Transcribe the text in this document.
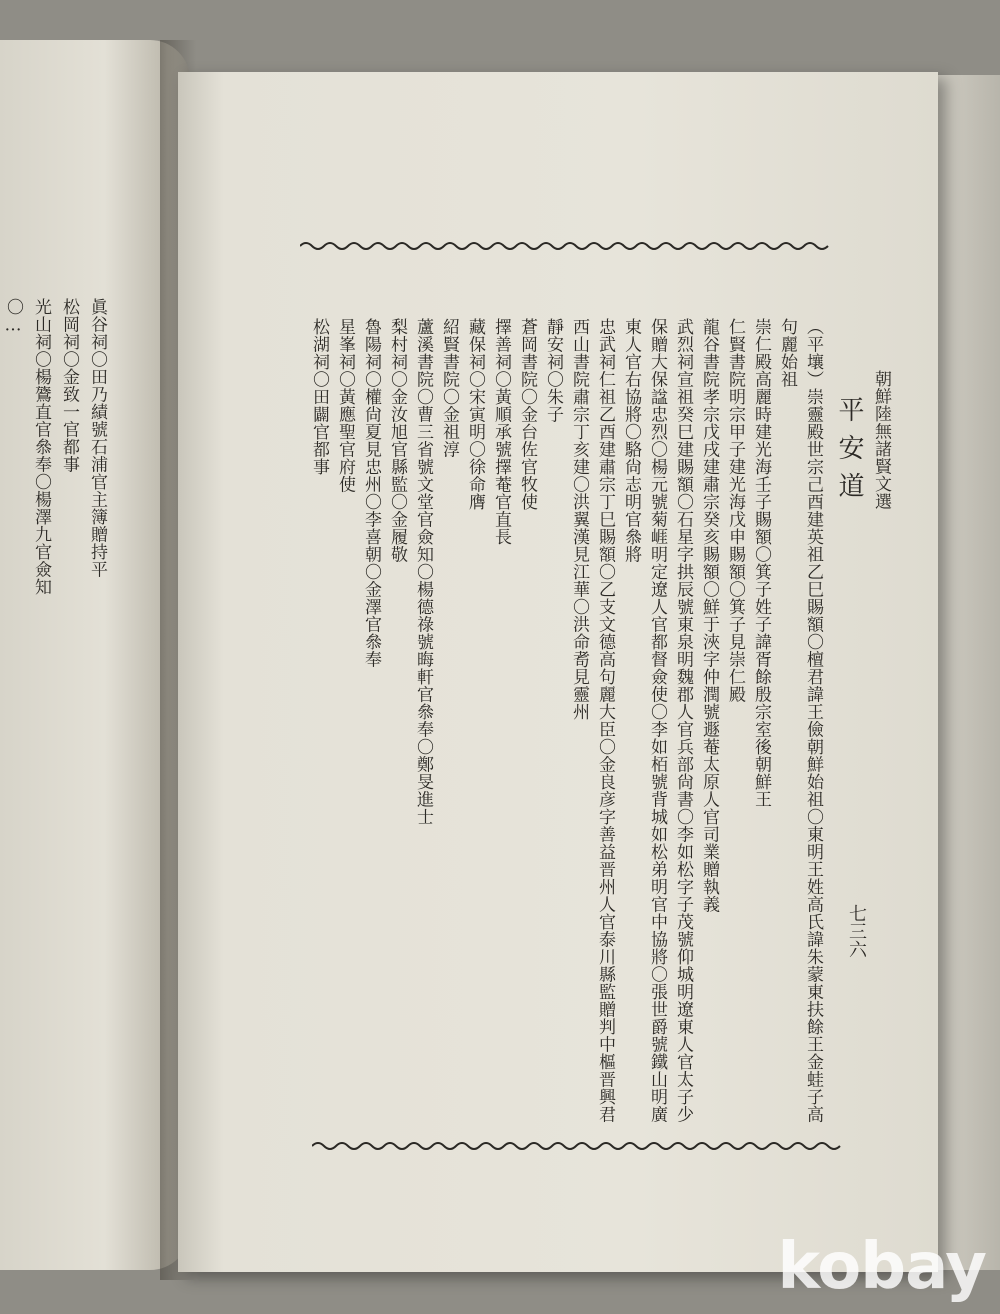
眞谷祠〇田乃績號石浦官主簿贈持平
松岡祠〇金致一官都事
光山祠〇楊鷟直官叅奉〇楊澤九官僉知
〇…
朝鮮陸無諸賢文選
平安道
（平壤）崇靈殿世宗己酉建英祖乙巳賜額〇檀君諱王儉朝鮮始祖〇東明王姓高氏諱朱蒙東扶餘王金蛙子高
句麗始祖
崇仁殿高麗時建光海壬子賜額〇箕子姓子諱胥餘殷宗室後朝鮮王
仁賢書院明宗甲子建光海戊申賜額〇箕子見崇仁殿
龍谷書院孝宗戊戌建肅宗癸亥賜額〇鮮于浹字仲潤號遯菴太原人官司業贈執義
武烈祠宣祖癸巳建賜額〇石星字拱辰號東泉明魏郡人官兵部尙書〇李如松字子茂號仰城明遼東人官太子少
保贈大保諡忠烈〇楊元號菊崕明定遼人官都督僉使〇李如栢號背城如松弟明官中協將〇張世爵號鐵山明廣
東人官右協將〇駱尙志明官叅將
忠武祠仁祖乙酉建肅宗丁巳賜額〇乙支文德高句麗大臣〇金良彦字善益晋州人官泰川縣監贈判中樞晋興君
西山書院肅宗丁亥建〇洪翼漢見江華〇洪命耉見靈州
靜安祠〇朱子
蒼岡書院〇金台佐官牧使
擇善祠〇黃順承號擇菴官直長
藏保祠〇宋寅明〇徐命膺
紹賢書院〇金祖淳
蘆溪書院〇曹三省號文堂官僉知〇楊德祿號晦軒官叅奉〇鄭旻進士
梨村祠〇金汝旭官縣監〇金履敬
魯陽祠〇權尙夏見忠州〇李喜朝〇金澤官叅奉
星峯祠〇黃應聖官府使
松湖祠〇田闢官都事
七三六
kobay
